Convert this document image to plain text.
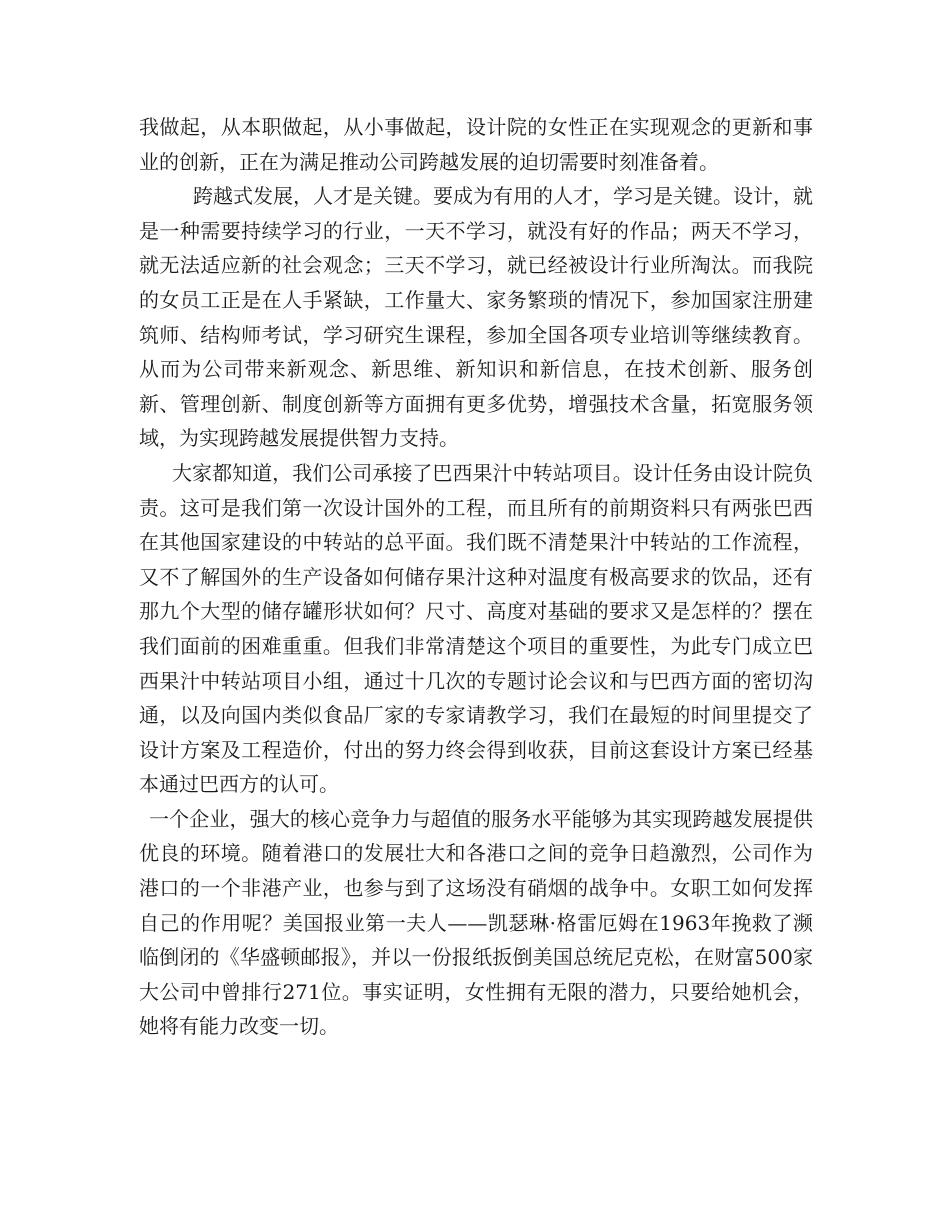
我做起，从本职做起，从小事做起，设计院的女性正在实现观念的更新和事业的创新，正在为满足推动公司跨越发展的迫切需要时刻准备着。

跨越式发展，人才是关键。要成为有用的人才，学习是关键。设计，就是一种需要持续学习的行业，一天不学习，就没有好的作品；两天不学习，就无法适应新的社会观念；三天不学习，就已经被设计行业所淘汰。而我院的女员工正是在人手紧缺，工作量大、家务繁琐的情况下，参加国家注册建筑师、结构师考试，学习研究生课程，参加全国各项专业培训等继续教育。从而为公司带来新观念、新思维、新知识和新信息，在技术创新、服务创新、管理创新、制度创新等方面拥有更多优势，增强技术含量，拓宽服务领域，为实现跨越发展提供智力支持。

大家都知道，我们公司承接了巴西果汁中转站项目。设计任务由设计院负责。这可是我们第一次设计国外的工程，而且所有的前期资料只有两张巴西在其他国家建设的中转站的总平面。我们既不清楚果汁中转站的工作流程，又不了解国外的生产设备如何储存果汁这种对温度有极高要求的饮品，还有那九个大型的储存罐形状如何？尺寸、高度对基础的要求又是怎样的？摆在我们面前的困难重重。但我们非常清楚这个项目的重要性，为此专门成立巴西果汁中转站项目小组，通过十几次的专题讨论会议和与巴西方面的密切沟通，以及向国内类似食品厂家的专家请教学习，我们在最短的时间里提交了设计方案及工程造价，付出的努力终会得到收获，目前这套设计方案已经基本通过巴西方的认可。

一个企业，强大的核心竞争力与超值的服务水平能够为其实现跨越发展提供优良的环境。随着港口的发展壮大和各港口之间的竞争日趋激烈，公司作为港口的一个非港产业，也参与到了这场没有硝烟的战争中。女职工如何发挥自己的作用呢？美国报业第一夫人——凯瑟琳·格雷厄姆在1963年挽救了濒临倒闭的《华盛顿邮报》，并以一份报纸扳倒美国总统尼克松，在财富500家大公司中曾排行271位。事实证明，女性拥有无限的潜力，只要给她机会，她将有能力改变一切。
